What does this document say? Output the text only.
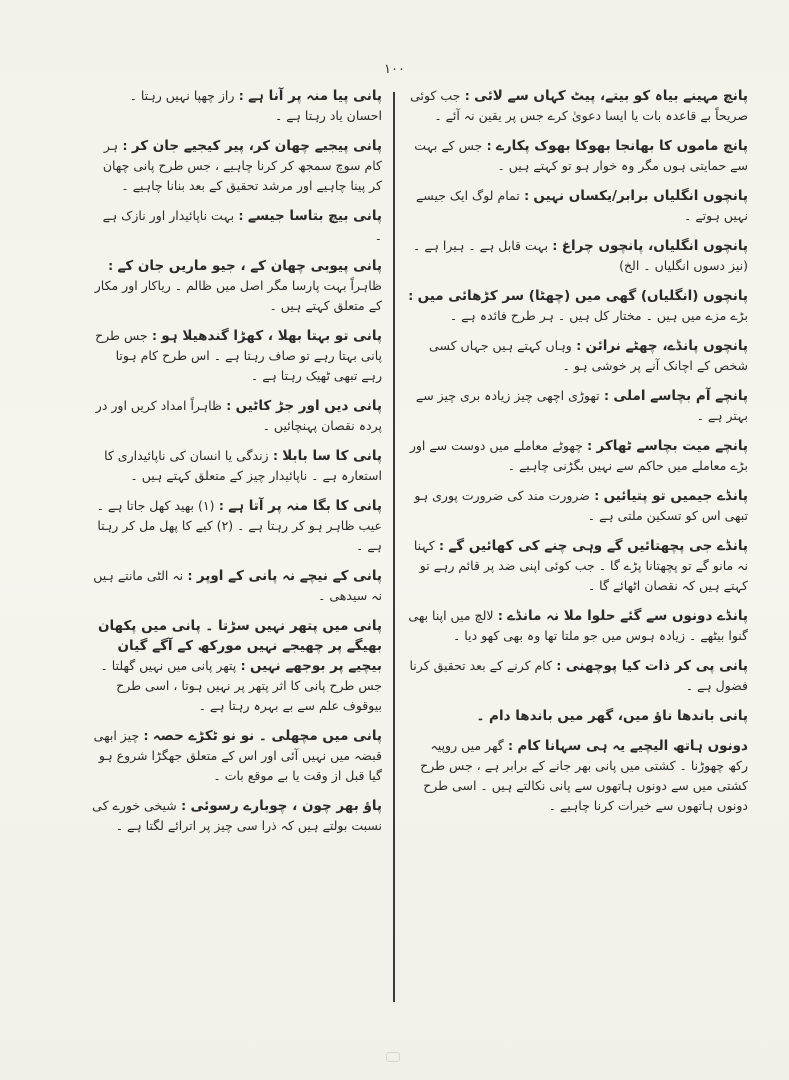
۱۰۰
پانچ مہینے بیاہ کو بیتے، پیٹ کہاں سے لائی : جب کوئی صریحاً بے قاعدہ بات یا ایسا دعویٰ کرے جس پر یقین نہ آئے ۔
پانچ ماموں کا بھانجا بھوکا بھوک پکارے : جس کے بہت سے حمایتی ہوں مگر وہ خوار ہو تو کہتے ہیں ۔
پانچوں انگلیاں برابر/یکساں نہیں : تمام لوگ ایک جیسے نہیں ہوتے ۔
پانچوں انگلیاں، پانچوں چراغ : بہت قابل ہے ۔ ہیرا ہے ۔ (نیز دسوں انگلیاں ۔ الخ)
پانچوں (انگلیاں) گھی میں (چھٹا) سر کڑھائی میں : بڑے مزے میں ہیں ۔ مختار کل ہیں ۔ ہر طرح فائدہ ہے ۔
پانچوں پانڈے، چھٹے نرائن : وہاں کہتے ہیں جہاں کسی شخص کے اچانک آنے پر خوشی ہو ۔
پانچے آم بچاسے املی : تھوڑی اچھی چیز زیادہ بری چیز سے بہتر ہے ۔
پانچے میت بچاسے ٹھاکر : چھوٹے معاملے میں دوست سے اور بڑے معاملے میں حاکم سے نہیں بگڑنی چاہیے ۔
پانڈے جیمیں تو پتیائیں : ضرورت مند کی ضرورت پوری ہو تبھی اس کو تسکین ملتی ہے ۔
پانڈے جی پچھتائیں گے وہی چنے کی کھائیں گے : کہنا نہ مانو گے تو پچھتانا پڑے گا ۔ جب کوئی اپنی ضد پر قائم رہے تو کہتے ہیں کہ نقصان اٹھائے گا ۔
پانڈے دونوں سے گئے حلوا ملا نہ مانڈے : لالچ میں اپنا بھی گنوا بیٹھے ۔ زیادہ ہوس میں جو ملتا تھا وہ بھی کھو دیا ۔
پانی پی کر ذات کیا پوچھنی : کام کرنے کے بعد تحقیق کرنا فضول ہے ۔
پانی باندھا ناؤ میں، گھر میں باندھا دام ۔
دونوں ہاتھ الیچیے یہ ہی سہانا کام : گھر میں روپیہ رکھ چھوڑنا ۔ کشتی میں پانی بھر جانے کے برابر ہے ، جس طرح کشتی میں سے دونوں ہاتھوں سے پانی نکالتے ہیں ۔ اسی طرح دونوں ہاتھوں سے خیرات کرنا چاہیے ۔
پانی پیا منہ پر آنا ہے : راز چھپا نہیں رہتا ۔ احسان یاد رہتا ہے ۔
پانی پیجیے چھان کر، پیر کیجیے جان کر : ہر کام سوچ سمجھ کر کرنا چاہیے ، جس طرح پانی چھان کر پینا چاہیے اور مرشد تحقیق کے بعد بنانا چاہیے ۔
پانی بیچ بتاسا جیسے : بہت ناپائیدار اور نازک ہے ۔
پانی پیوبی چھان کے ، جیو ماریں جان کے : ظاہراً بہت پارسا مگر اصل میں ظالم ۔ ریاکار اور مکار کے متعلق کہتے ہیں ۔
پانی تو بہتا بھلا ، کھڑا گندھیلا ہو : جس طرح پانی بہتا رہے تو صاف رہتا ہے ۔ اس طرح کام ہوتا رہے تبھی ٹھیک رہتا ہے ۔
پانی دیں اور جڑ کاٹیں : ظاہراً امداد کریں اور در پردہ نقصان پہنچائیں ۔
پانی کا سا بابلا : زندگی یا انسان کی ناپائیداری کا استعارہ ہے ۔ ناپائیدار چیز کے متعلق کہتے ہیں ۔
پانی کا بگا منہ پر آتا ہے : (۱) بھید کھل جاتا ہے ۔ عیب ظاہر ہو کر رہتا ہے ۔ (۲) کیے کا پھل مل کر رہتا ہے ۔
پانی کے نیچے نہ پانی کے اوپر : نہ الٹی مانتے ہیں نہ سیدھی ۔
پانی میں پتھر نہیں سڑتا ۔ پانی میں پکھان بھیگے پر چھیجے نہیں مورکھ کے آگے گیان بیچیے پر بوجھے نہیں : پتھر پانی میں نہیں گھلتا ۔ جس طرح پانی کا اثر پتھر پر نہیں ہوتا ، اسی طرح بیوقوف علم سے بے بہرہ رہتا ہے ۔
پانی میں مچھلی ۔ نو نو ٹکڑے حصہ : چیز ابھی قبضہ میں نہیں آئی اور اس کے متعلق جھگڑا شروع ہو گیا قبل از وقت یا بے موقع بات ۔
پاؤ بھر چون ، چوبارے رسوئی : شیخی خورے کی نسبت بولتے ہیں کہ ذرا سی چیز پر اترائے لگتا ہے ۔
